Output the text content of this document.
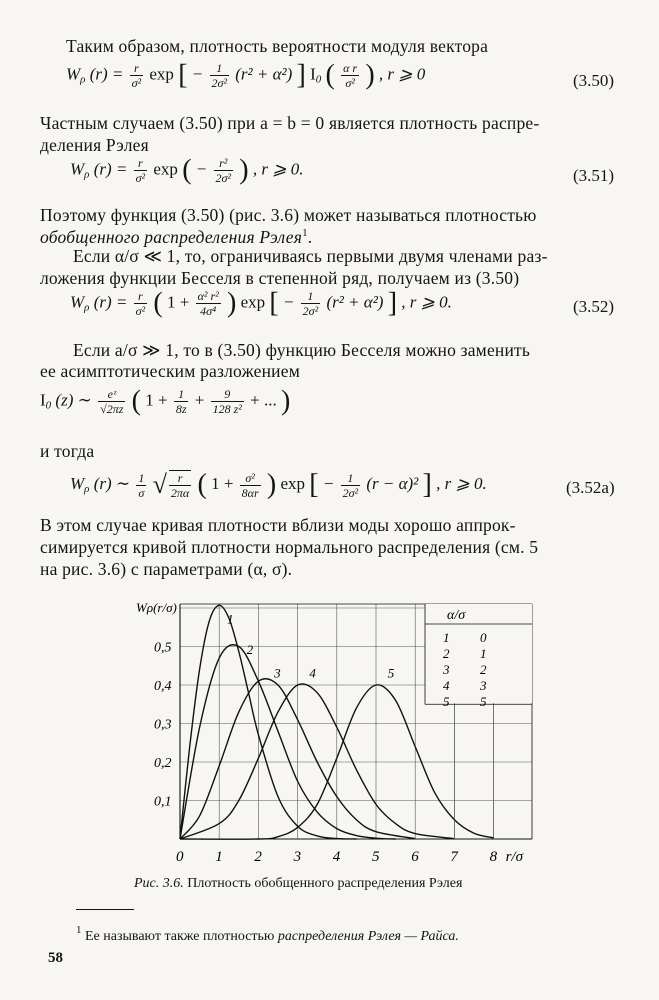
Таким образом, плотность вероятности модуля вектора
$W_\rho$ $(r) = \frac{r}{\text{σ²}}$ exp [ − $\frac{1}{\text{2σ²}} (r^2 + \alpha^2)$ ] $I_0$ ( $\frac{\text{α r}}{\text{σ²}}$ ) , r ⩾ 0	(3.50)
Частным случаем (3.50) при a = b = 0 является плотность распре-
деления Рэлея
$W_\rho$ $(r) = \frac{r}{\text{σ²}}$ exp ( − $\frac{\text{r²}}{\text{2σ²}}$ ) , r ⩾ 0.	(3.51)
Поэтому функция (3.50) (рис. 3.6) может называться плотностью
обобщенного распределения Рэлея$^1$.
Если α/σ ≪ 1, то, ограничиваясь первыми двумя членами раз-
ложения функции Бесселя в степенной ряд, получаем из (3.50)
$W_\rho$ $(r) = \frac{r}{\text{σ²}}$ ( $1 + \frac{\text{α² r²}}{\text{4σ⁴}}$ ) exp [ − $\frac{1}{\text{2σ²}} (r^2 + \alpha^2)$ ] , r ⩾ 0.	(3.52)
Если a/σ ≫ 1, то в (3.50) функцию Бесселя можно заменить
ее асимптотическим разложением
$I_0$ (z) ∼ $\frac{\text{eᶻ}}{√2\pi z}$ ( $1 + \frac{1}{8z} + \frac{9}{\text{128 z²}}$ + ... )
и тогда
$W_\rho$ (r) ∼ $\frac{1}{\sigma}$ √ $\frac{r}{2\pi\alpha}$ ( $1 + \frac{\text{σ²}}{8\alpha r}$ ) exp [ − $\frac{1}{\text{2σ²}} (r - \alpha)^2$ ] , r ⩾ 0.	(3.52a)
В этом случае кривая плотности вблизи моды хорошо аппрок-
симируется кривой плотности нормального распределения (см. 5
на рис. 3.6) с параметрами (α, σ).
0 1 2 3 4 5 6 7 8 r/σ
0,1
0,2
0,3
0,4
0,5
Wρ(r/σ)
1
2
3 4	5
α/σ
1 0
2 1
3 2
4 3
5 5
Рис. 3.6. Плотность обобщенного распределения Рэлея
$^1$ Ее называют также плотностью распределения Рэлея — Райса.
58
